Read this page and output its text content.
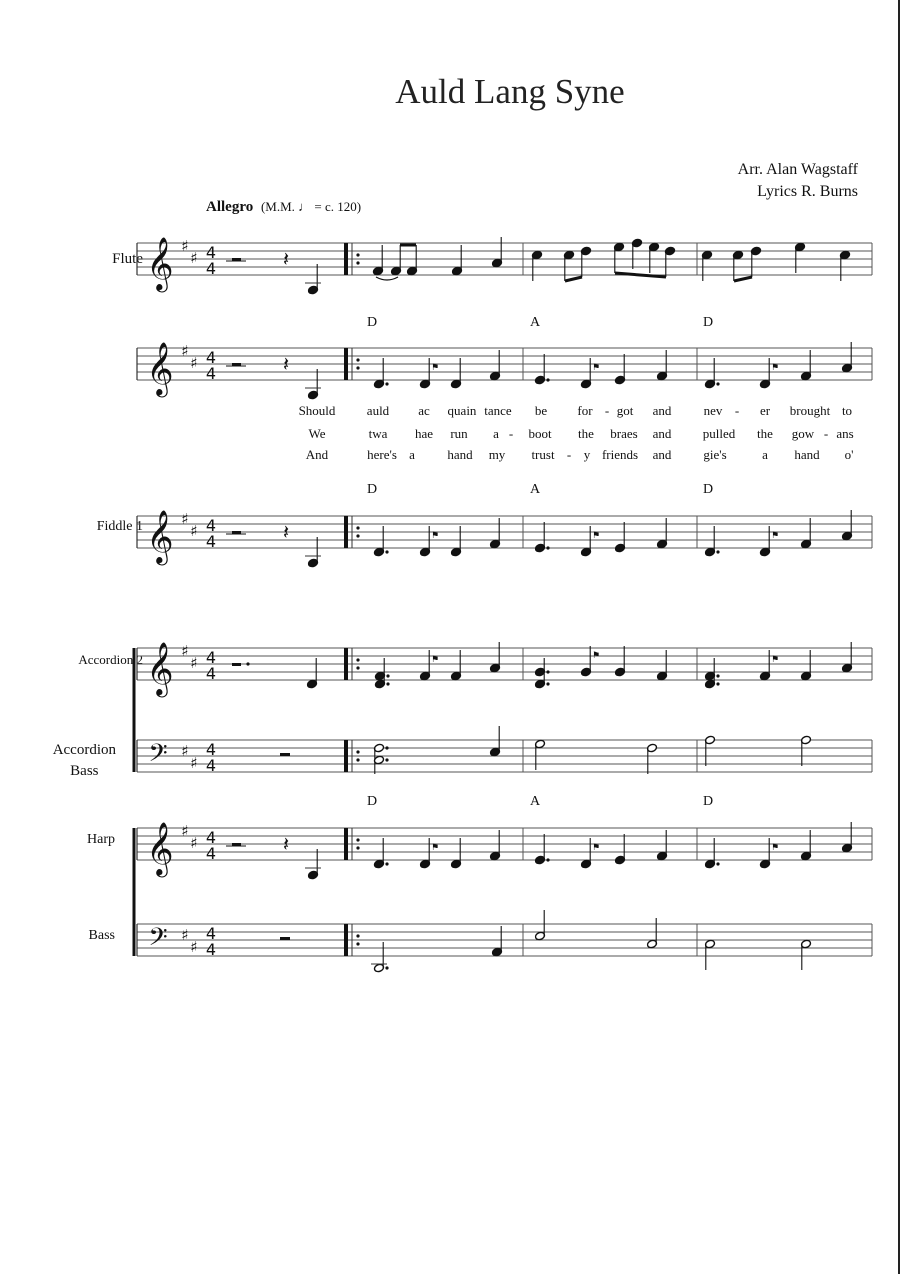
Auld Lang Syne
Arr. Alan Wagstaff
Lyrics R. Burns
Allegro (M.M. ♩ = c. 120)
Flute
Fiddle 1
Accordion 2
Accordion
Bass
Harp
Bass
D	A	D
D	A	D
D	A	D
Should	auld	ac	quain tance	be	for - got	and	nev -	er	brought to
We	twa	hae	run	a -	boot	the	braes	and	pulled	the	gow - ans
And	here's a	hand	my	trust - y friends	and	gie's	a	hand	o'
𝄞 ♯
♯ 4
4
𝄞 ♯
♯ 4
4
𝄞 ♯
♯ 4
4
𝄞 ♯
♯ 4
4
𝄢 ♯
♯
4
4
𝄞 ♯
♯ 4
4
𝄢 ♯
♯
4
4
𝄽
𝄽	⚑	⚑	⚑
𝄽	⚑	⚑	⚑
𝄽	⚑	⚑	⚑
⚑	⚑	⚑
